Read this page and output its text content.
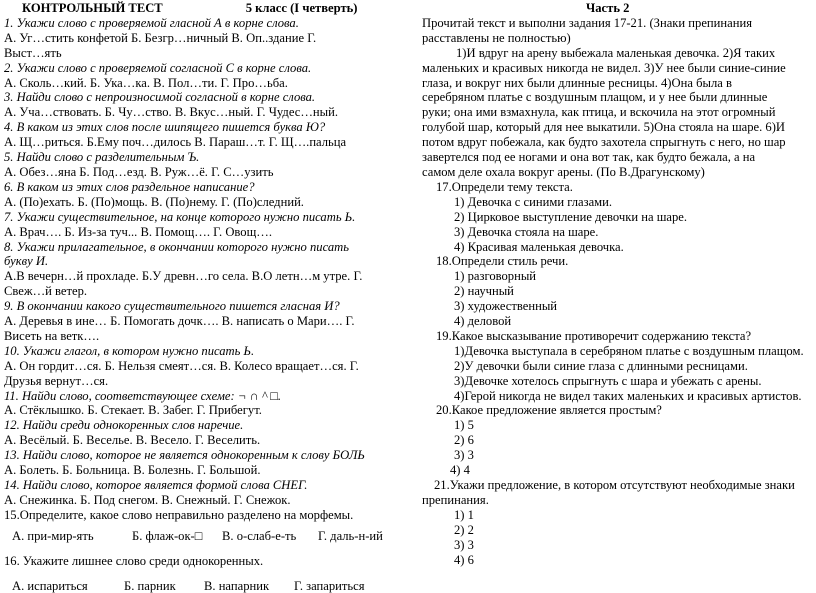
КОНТРОЛЬНЫЙ ТЕСТ	5 класс (I четверть)
1. Укажи слово с проверяемой гласной А в корне слова.
А. Уг…стить конфетой Б. Безгр…ничный В. Оп..здание Г.
Выст…ять
2. Укажи слово с проверяемой согласной С в корне слова.
А. Сколь…кий. Б. Ука…ка. В. Пол…ти. Г. Про…ьба.
3. Найди слово с непроизносимой согласной в корне слова.
А. Уча…ствовать. Б. Чу…ство. В. Вкус…ный. Г. Чудес…ный.
4. В каком из этих слов после шипящего пишется буква Ю?
А. Щ…риться. Б.Ему поч…дилось В. Параш…т. Г. Щ….пальца
5. Найди слово с разделительным Ъ.
А. Обез…яна Б. Под…езд. В. Руж…ё. Г. С…узить
6. В каком из этих слов раздельное написание?
А. (По)ехать. Б. (По)мощь. В. (По)нему. Г. (По)следний.
7. Укажи существительное, на конце которого нужно писать Ь.
А. Врач…. Б. Из-за туч... В. Помощ…. Г. Овощ….
8. Укажи прилагательное, в окончании которого нужно писать
букву И.
А.В вечерн…й прохладе. Б.У древн…го села. В.О летн…м утре. Г.
Свеж…й ветер.
9. В окончании какого существительного пишется гласная И?
А. Деревья в ине… Б. Помогать дочк…. В. написать о Мари…. Г.
Висеть на ветк….
10. Укажи глагол, в котором нужно писать Ь.
А. Он гордит…ся. Б. Нельзя смеят…ся. В. Колесо вращает…ся. Г.
Друзья вернут…ся.
11. Найди слово, соответствующее схеме: ¬ ∩ ^ □.
А. Стёклышко. Б. Стекает. В. Забег. Г. Прибегут.
12. Найди среди однокоренных слов наречие.
А. Весёлый. Б. Веселье. В. Весело. Г. Веселить.
13. Найди слово, которое не является однокоренным к слову БОЛЬ
А. Болеть. Б. Больница. В. Болезнь. Г. Большой.
14. Найди слово, которое является формой слова СНЕГ.
А. Снежинка. Б. Под снегом. В. Снежный. Г. Снежок.
15.Определите, какое слово неправильно разделено на морфемы.
А. при-мир-ять	Б. флаж-ок-□	В. о-слаб-е-ть	Г. даль-н-ий
16. Укажите лишнее слово среди однокоренных.
А. испариться	Б. парник	В. напарник	Г. запариться
Часть 2
Прочитай текст и выполни задания 17-21. (Знаки препинания
расставлены не полностью)
1)И вдруг на арену выбежала маленькая девочка. 2)Я таких
маленьких и красивых никогда не видел. 3)У нее были синие-синие
глаза, и вокруг них были длинные ресницы. 4)Она была в
серебряном платье с воздушным плащом, и у нее были длинные
руки; она ими взмахнула, как птица, и вскочила на этот огромный
голубой шар, который для нее выкатили. 5)Она стояла на шаре. 6)И
потом вдруг побежала, как будто захотела спрыгнуть с него, но шар
завертелся под ее ногами и она вот так, как будто бежала, а на
самом деле охала вокруг арены. (По В.Драгунскому)
17.Определи тему текста.
1) Девочка с синими глазами.
2) Цирковое выступление девочки на шаре.
3) Девочка стояла на шаре.
4) Красивая маленькая девочка.
18.Определи стиль речи.
1) разговорный
2) научный
3) художественный
4) деловой
19.Какое высказывание противоречит содержанию текста?
1)Девочка выступала в серебряном платье с воздушным плащом.
2)У девочки были синие глаза с длинными ресницами.
3)Девочке хотелось спрыгнуть с шара и убежать с арены.
4)Герой никогда не видел таких маленьких и красивых артистов.
20.Какое предложение является простым?
1) 5
2) 6
3) 3
4) 4
21.Укажи предложение, в котором отсутствуют необходимые знаки
препинания.
1) 1
2) 2
3) 3
4) 6
